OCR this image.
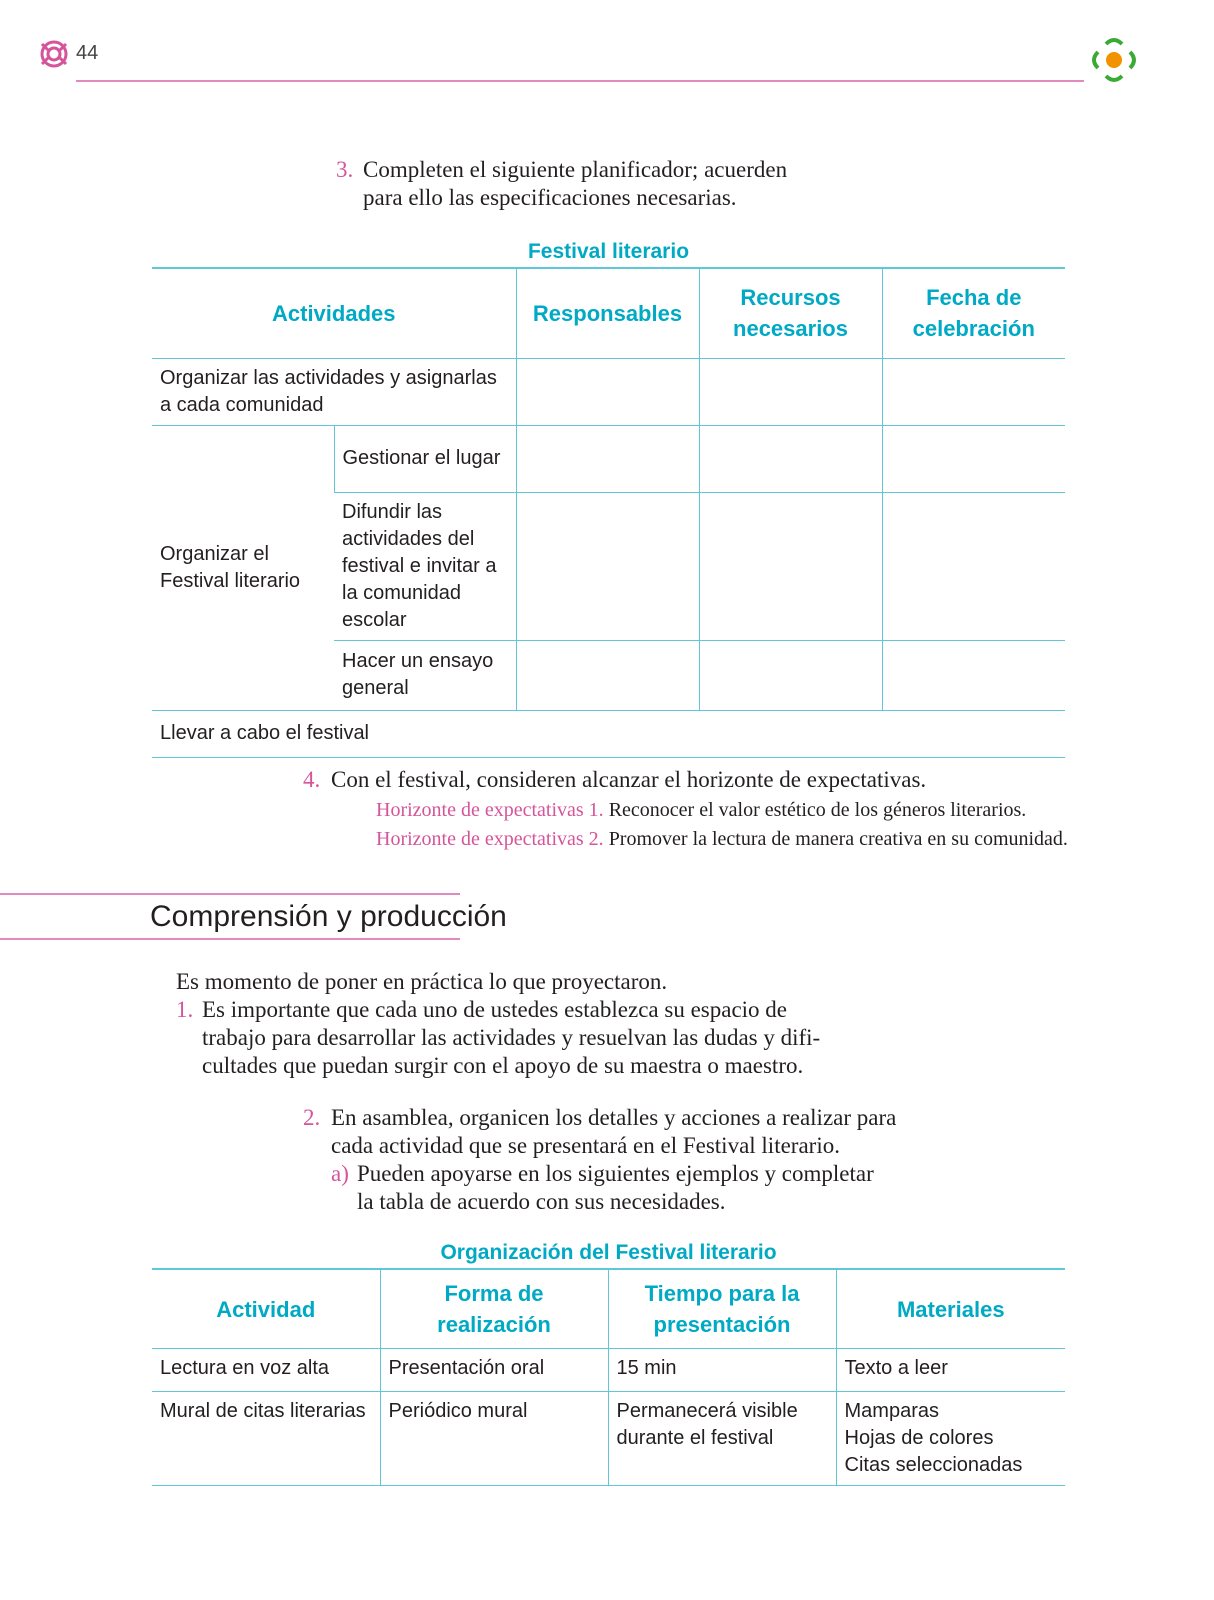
44
3. Completen el siguiente planificador; acuerden
para ello las especificaciones necesarias.
Festival literario
Actividades		Responsables	Recursos necesarios	Fecha de celebración
Organizar las actividades y asignarlas a cada comunidad				
Organizar el Festival literario	Gestionar el lugar			
	Difundir las actividades del festival e invitar a la comunidad escolar			
	Hacer un ensayo general			
Llevar a cabo el festival				
4. Con el festival, consideren alcanzar el horizonte de expectativas.
Horizonte de expectativas 1. Reconocer el valor estético de los géneros literarios.
Horizonte de expectativas 2. Promover la lectura de manera creativa en su comunidad.
Comprensión y producción
Es momento de poner en práctica lo que proyectaron.
1. Es importante que cada uno de ustedes establezca su espacio de
trabajo para desarrollar las actividades y resuelvan las dudas y difi-
cultades que puedan surgir con el apoyo de su maestra o maestro.
2. En asamblea, organicen los detalles y acciones a realizar para
cada actividad que se presentará en el Festival literario.
a) Pueden apoyarse en los siguientes ejemplos y completar
la tabla de acuerdo con sus necesidades.
Organización del Festival literario
Actividad	Forma de realización	Tiempo para la presentación	Materiales
Lectura en voz alta	Presentación oral	15 min	Texto a leer
Mural de citas literarias	Periódico mural	Permanecerá visible durante el festival	Mamparas
Hojas de colores
Citas seleccionadas
